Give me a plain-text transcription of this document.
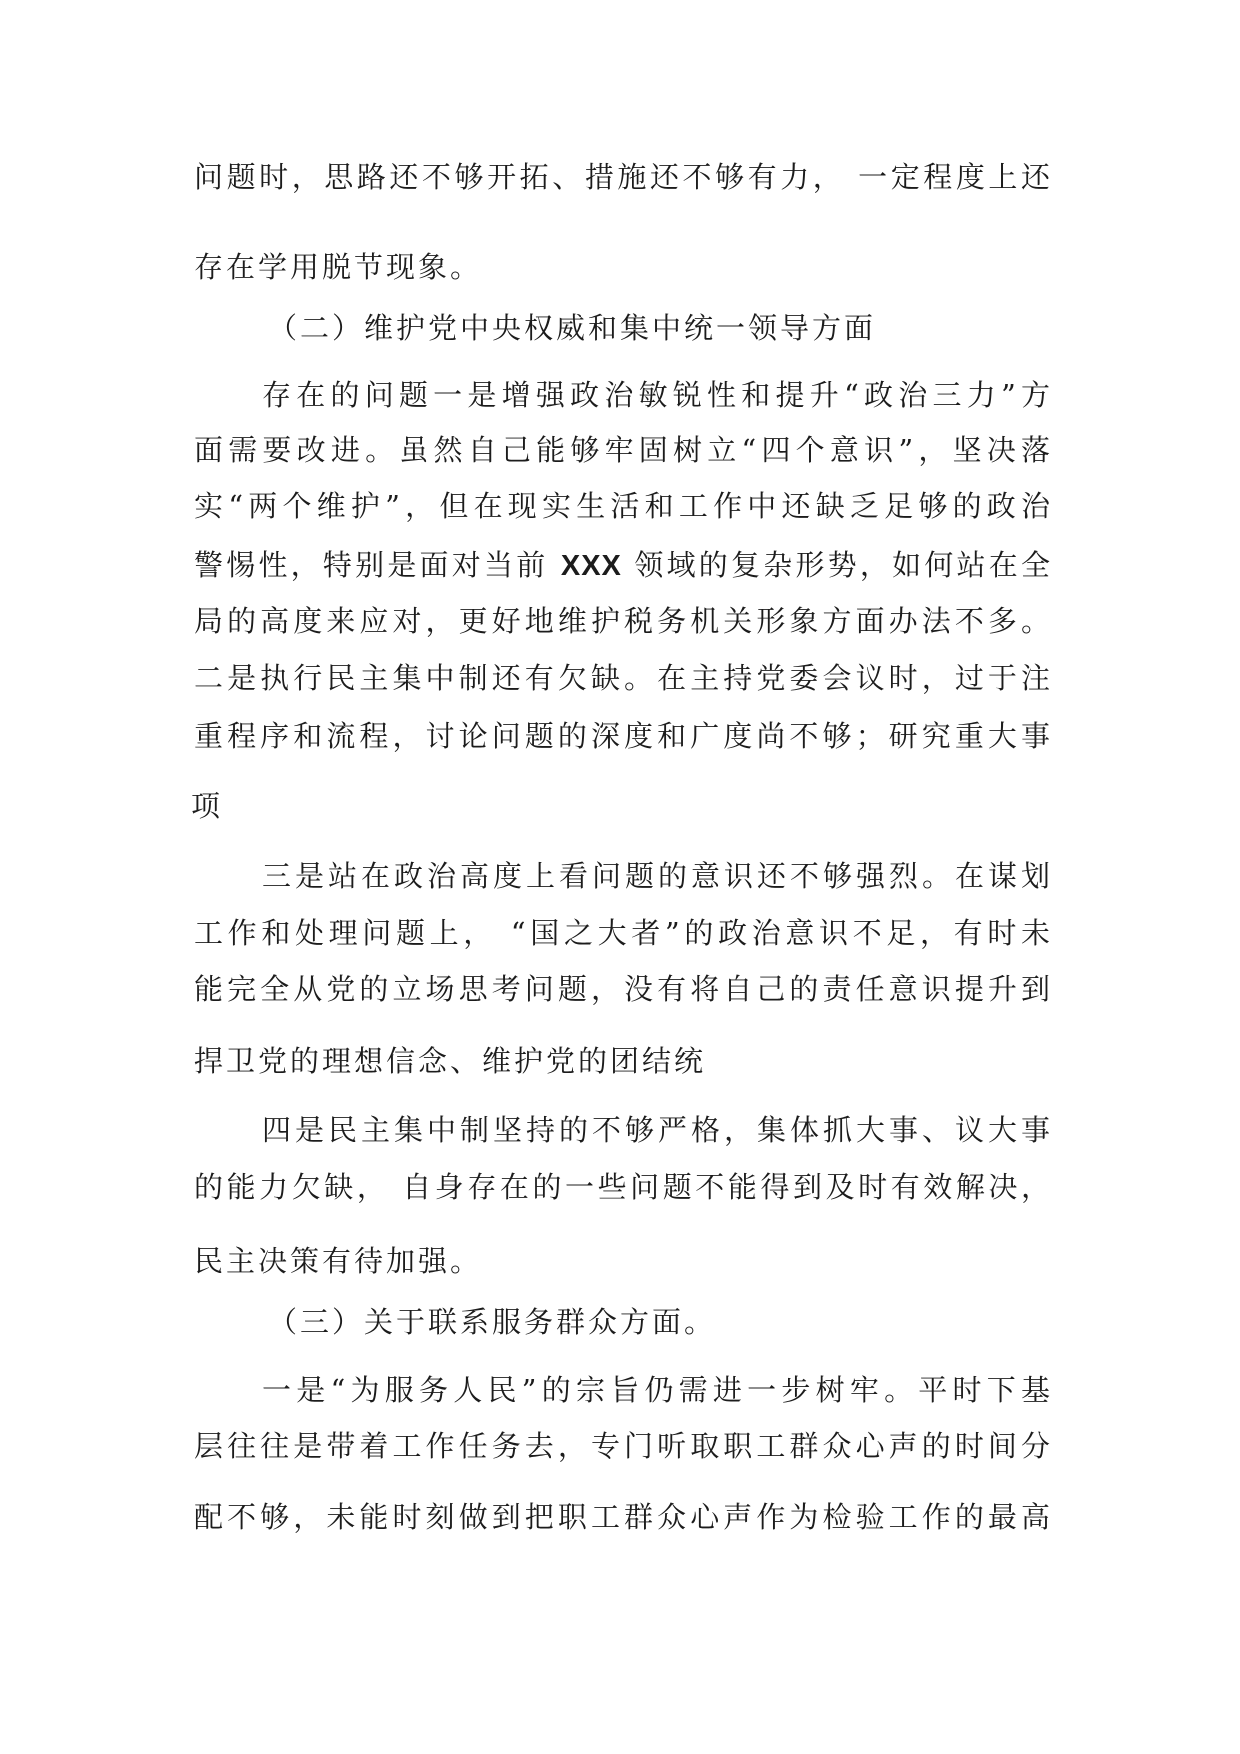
问题时，思路还不够开拓、措施还不够有力， 一定程度上还
存在学用脱节现象。
（二）维护党中央权威和集中统一领导方面
存在的问题一是增强政治敏锐性和提升“政治三力”方
面需要改进。虽然自己能够牢固树立“四个意识”，坚决落
实“两个维护”，但在现实生活和工作中还缺乏足够的政治
警惕性，特别是面对当前 XXX 领域的复杂形势，如何站在全
局的高度来应对，更好地维护税务机关形象方面办法不多。
二是执行民主集中制还有欠缺。在主持党委会议时，过于注
重程序和流程，讨论问题的深度和广度尚不够；研究重大事
项
三是站在政治高度上看问题的意识还不够强烈。在谋划
工作和处理问题上， “国之大者”的政治意识不足，有时未
能完全从党的立场思考问题，没有将自己的责任意识提升到
捍卫党的理想信念、维护党的团结统
四是民主集中制坚持的不够严格，集体抓大事、议大事
的能力欠缺， 自身存在的一些问题不能得到及时有效解决，
民主决策有待加强。
（三）关于联系服务群众方面。
一是“为服务人民”的宗旨仍需进一步树牢。平时下基
层往往是带着工作任务去，专门听取职工群众心声的时间分
配不够，未能时刻做到把职工群众心声作为检验工作的最高
